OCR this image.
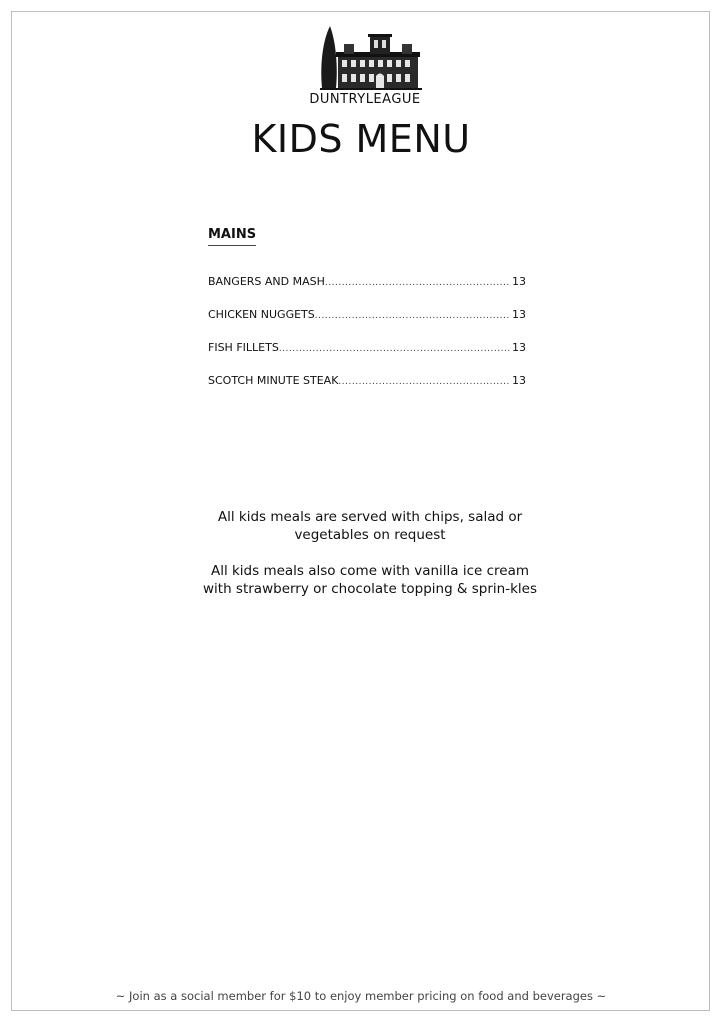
DUNTRYLEAGUE
KIDS MENU
MAINS
BANGERS AND MASH .....	13
CHICKEN NUGGETS .....	13
FISH FILLETS .....	13
SCOTCH MINUTE STEAK .....	13

All kids meals are served with chips, salad or vegetables on request

All kids meals also come with vanilla ice cream with strawberry or chocolate topping & sprin-kles

~ Join as a social member for $10 to enjoy member pricing on food and beverages ~
